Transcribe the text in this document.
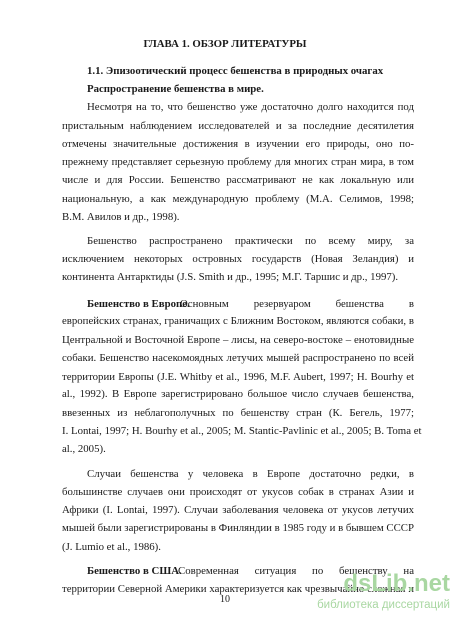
ГЛАВА 1. ОБЗОР ЛИТЕРАТУРЫ
1.1. Эпизоотический процесс бешенства в природных очагах
Распространение бешенства в мире.
Несмотря на то, что бешенство уже достаточно долго находится под
пристальным наблюдением исследователей и за последние десятилетия
отмечены значительные достижения в изучении его природы, оно по-
прежнему представляет серьезную проблему для многих стран мира, в том
числе и для России. Бешенство рассматривают не как локальную или
национальную, а как международную проблему (М.А. Селимов, 1998;
В.М. Авилов и др., 1998).
Бешенство распространено практически по всему миру, за
исключением некоторых островных государств (Новая Зеландия) и
континента Антарктиды (J.S. Smith и др., 1995; М.Г. Таршис и др., 1997).
Бешенство в Европе.
Основным резервуаром бешенства в
европейских странах, граничащих с Ближним Востоком, являются собаки, в
Центральной и Восточной Европе – лисы, на северо-востоке – енотовидные
собаки. Бешенство насекомоядных летучих мышей распространено по всей
территории Европы (J.E. Whitby et al., 1996, M.F. Aubert, 1997; H. Bourhy et
al., 1992). В Европе зарегистрировано большое число случаев бешенства,
ввезенных из неблагополучных по бешенству стран (К. Бегель, 1977;
I. Lontai, 1997; H. Bourhy et al., 2005; M. Stantic-Pavlinic et al., 2005; B. Toma et
al., 2005).
Случаи бешенства у человека в Европе достаточно редки, в
большинстве случаев они происходят от укусов собак в странах Азии и
Африки (I. Lontai, 1997). Случаи заболевания человека от укусов летучих
мышей были зарегистрированы в Финляндии в 1985 году и в бывшем СССР
(J. Lumio et al., 1986).
Бешенство в США.
Современная ситуация по бешенству на
территории Северной Америки характеризуется как чрезвычайно сложная и
10
dsLib.net
библиотека диссертаций
